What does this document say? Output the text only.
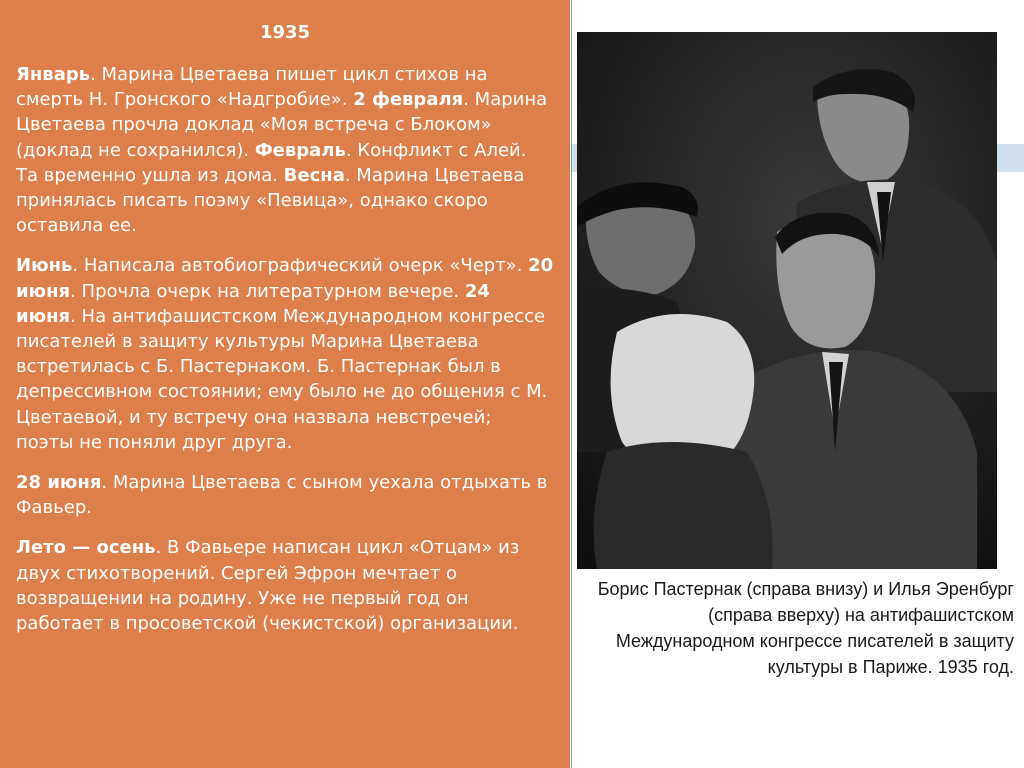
1935

Январь. Марина Цветаева пишет цикл стихов на смерть Н. Гронского «Надгробие». 2 февраля. Марина Цветаева прочла доклад «Моя встреча с Блоком» (доклад не сохранился). Февраль. Конфликт с Алей. Та временно ушла из дома. Весна. Марина Цветаева принялась писать поэму «Певица», однако скоро оставила ее.

Июнь. Написала автобиографический очерк «Черт». 20 июня. Прочла очерк на литературном вечере. 24 июня. На антифашистском Международном конгрессе писателей в защиту культуры Марина Цветаева встретилась с Б. Пастернаком. Б. Пастернак был в депрессивном состоянии; ему было не до общения с М. Цветаевой, и ту встречу она назвала невстречей; поэты не поняли друг друга.

28 июня. Марина Цветаева с сыном уехала отдыхать в Фавьер.

Лето — осень. В Фавьере написан цикл «Отцам» из двух стихотворений. Сергей Эфрон мечтает о возвращении на родину. Уже не первый год он работает в просоветской (чекистской) организации.

Борис Пастернак (справа внизу) и Илья Эренбург (справа вверху) на антифашистском Международном конгрессе писателей в защиту культуры в Париже. 1935 год.
